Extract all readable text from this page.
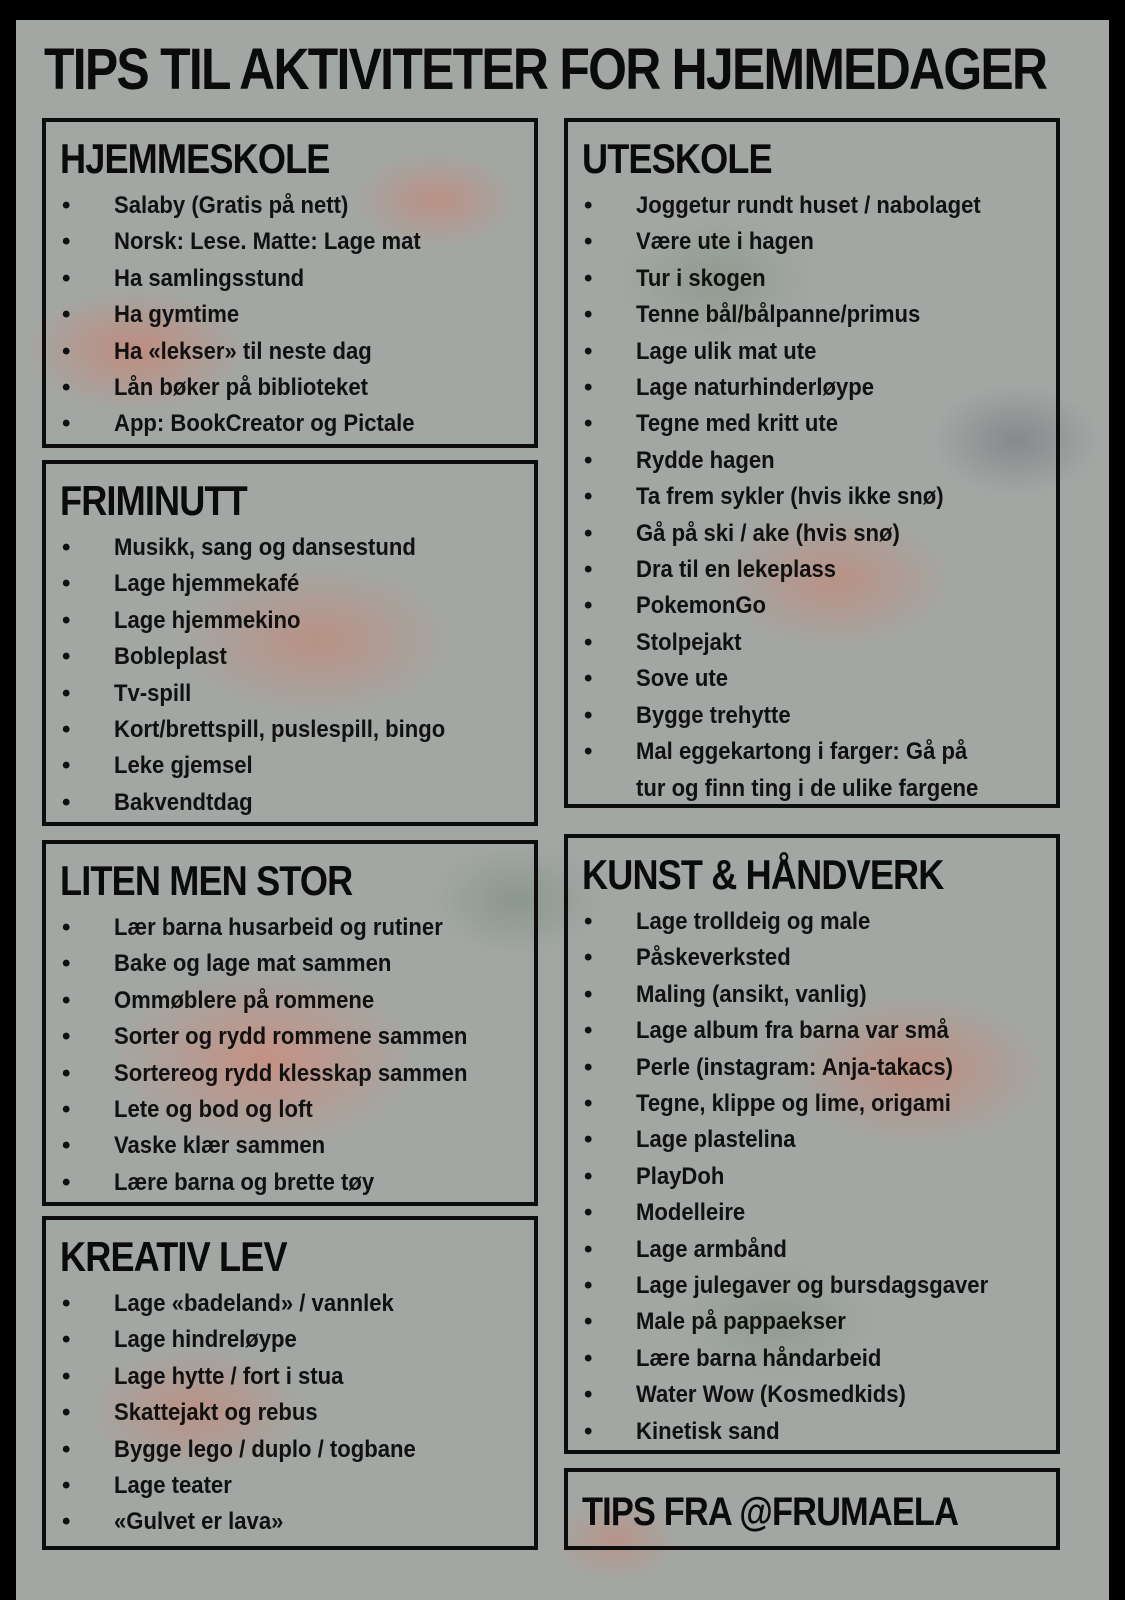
TIPS TIL AKTIVITETER FOR HJEMMEDAGER
HJEMMESKOLE
•	Salaby (Gratis på nett)
•	Norsk: Lese. Matte: Lage mat
•	Ha samlingsstund
•	Ha gymtime
•	Ha «lekser» til neste dag
•	Lån bøker på biblioteket
•	App: BookCreator og Pictale
FRIMINUTT
•	Musikk, sang og dansestund
•	Lage hjemmekafé
•	Lage hjemmekino
•	Bobleplast
•	Tv-spill
•	Kort/brettspill, puslespill, bingo
•	Leke gjemsel
•	Bakvendtdag
LITEN MEN STOR
•	Lær barna husarbeid og rutiner
•	Bake og lage mat sammen
•	Ommøblere på rommene
•	Sorter og rydd rommene sammen
•	Sortereog rydd klesskap sammen
•	Lete og bod og loft
•	Vaske klær sammen
•	Lære barna og brette tøy
KREATIV LEV
•	Lage «badeland» / vannlek
•	Lage hindreløype
•	Lage hytte / fort i stua
•	Skattejakt og rebus
•	Bygge lego / duplo / togbane
•	Lage teater
•	«Gulvet er lava»
UTESKOLE
•	Joggetur rundt huset / nabolaget
•	Være ute i hagen
•	Tur i skogen
•	Tenne bål/bålpanne/primus
•	Lage ulik mat ute
•	Lage naturhinderløype
•	Tegne med kritt ute
•	Rydde hagen
•	Ta frem sykler (hvis ikke snø)
•	Gå på ski / ake (hvis snø)
•	Dra til en lekeplass
•	PokemonGo
•	Stolpejakt
•	Sove ute
•	Bygge trehytte
•	Mal eggekartong i farger: Gå på
tur og finn ting i de ulike fargene
KUNST & HÅNDVERK
•	Lage trolldeig og male
•	Påskeverksted
•	Maling (ansikt, vanlig)
•	Lage album fra barna var små
•	Perle (instagram: Anja-takacs)
•	Tegne, klippe og lime, origami
•	Lage plastelina
•	PlayDoh
•	Modelleire
•	Lage armbånd
•	Lage julegaver og bursdagsgaver
•	Male på pappaekser
•	Lære barna håndarbeid
•	Water Wow (Kosmedkids)
•	Kinetisk sand
TIPS FRA @FRUMAELA
